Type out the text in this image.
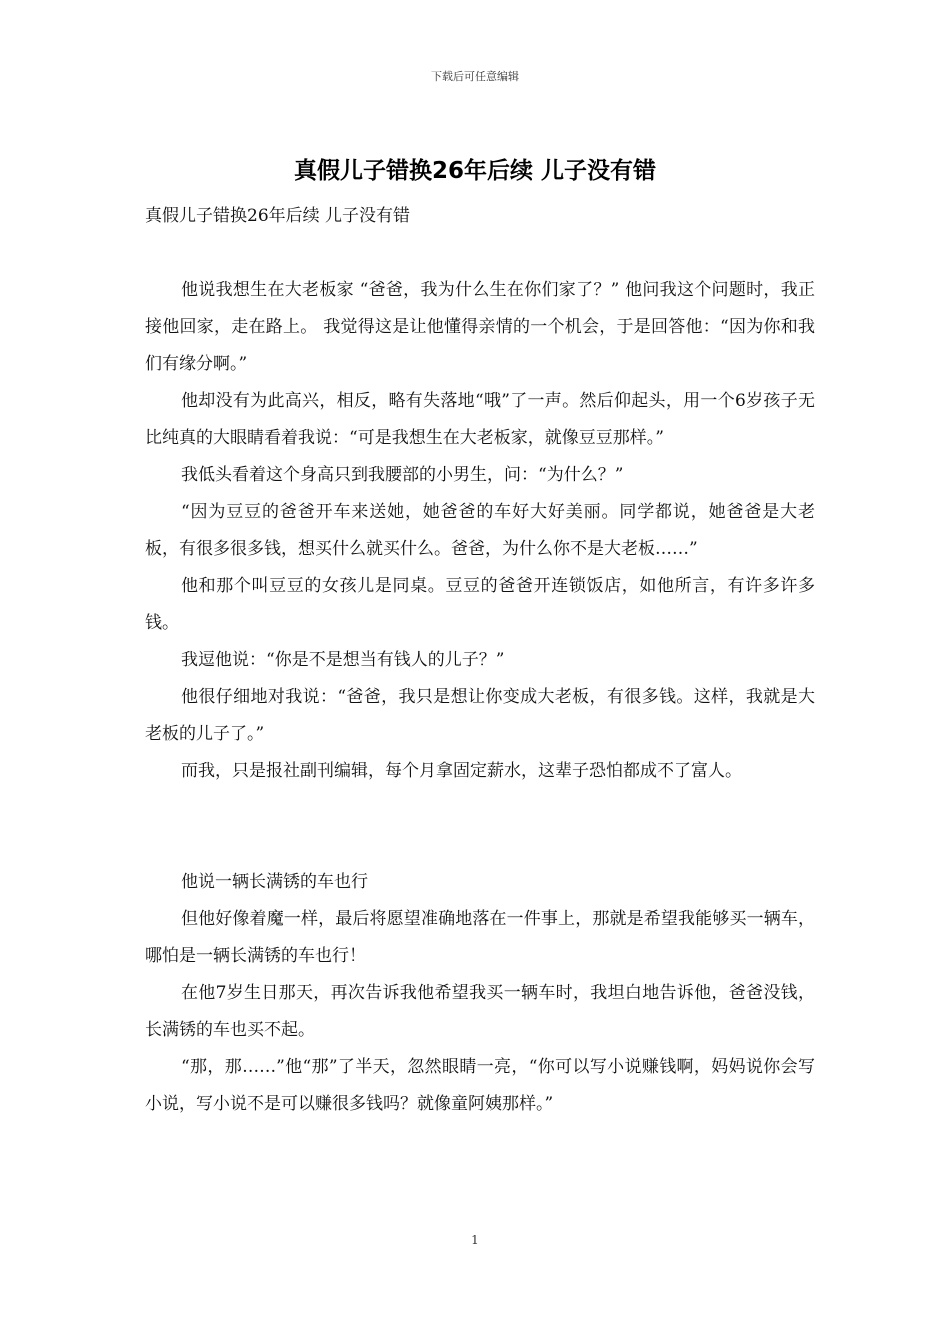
下载后可任意编辑
真假儿子错换26年后续 儿子没有错
真假儿子错换26年后续 儿子没有错

他说我想生在大老板家 “爸爸，我为什么生在你们家了？” 他问我这个问题时，我正接他回家，走在路上。 我觉得这是让他懂得亲情的一个机会，于是回答他：“因为你和我们有缘分啊。”

他却没有为此高兴，相反，略有失落地“哦”了一声。然后仰起头，用一个6岁孩子无比纯真的大眼睛看着我说：“可是我想生在大老板家，就像豆豆那样。”

我低头看着这个身高只到我腰部的小男生，问：“为什么？”

“因为豆豆的爸爸开车来送她，她爸爸的车好大好美丽。同学都说，她爸爸是大老板，有很多很多钱，想买什么就买什么。爸爸，为什么你不是大老板……”

他和那个叫豆豆的女孩儿是同桌。豆豆的爸爸开连锁饭店，如他所言，有许多许多钱。

我逗他说：“你是不是想当有钱人的儿子？”

他很仔细地对我说：“爸爸，我只是想让你变成大老板，有很多钱。这样，我就是大老板的儿子了。”

而我，只是报社副刊编辑，每个月拿固定薪水，这辈子恐怕都成不了富人。

他说一辆长满锈的车也行

但他好像着魔一样，最后将愿望准确地落在一件事上，那就是希望我能够买一辆车，哪怕是一辆长满锈的车也行！

在他7岁生日那天，再次告诉我他希望我买一辆车时，我坦白地告诉他，爸爸没钱，长满锈的车也买不起。

“那，那……”他“那”了半天，忽然眼睛一亮，“你可以写小说赚钱啊，妈妈说你会写小说，写小说不是可以赚很多钱吗？就像童阿姨那样。”

1
